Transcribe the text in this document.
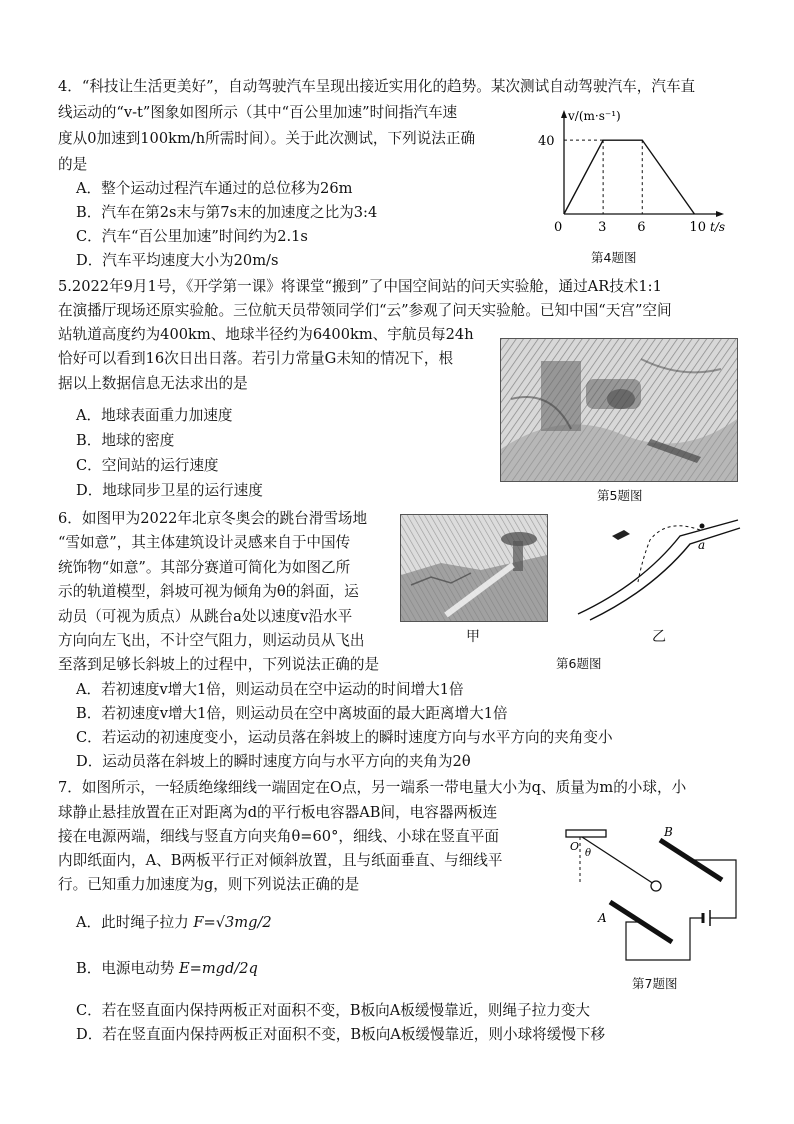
4．“科技让生活更美好”，自动驾驶汽车呈现出接近实用化的趋势。某次测试自动驾驶汽车，汽车直
线运动的“v-t”图象如图所示（其中“百公里加速”时间指汽车速
度从0加速到100km/h所需时间）。关于此次测试，下列说法正确
的是
A．整个运动过程汽车通过的总位移为26m
B．汽车在第2s末与第7s末的加速度之比为3:4
C．汽车“百公里加速”时间约为2.1s
D．汽车平均速度大小为20m/s
0	3 6	10
40
t/s
v/(m·s⁻¹)
第4题图
5.2022年9月1号，《开学第一课》将课堂“搬到”了中国空间站的问天实验舱，通过AR技术1:1
在演播厅现场还原实验舱。三位航天员带领同学们“云”参观了问天实验舱。已知中国“天宫”空间
站轨道高度约为400km、地球半径约为6400km、宇航员每24h
恰好可以看到16次日出日落。若引力常量G未知的情况下，根
据以上数据信息无法求出的是
A．地球表面重力加速度
B．地球的密度
C．空间站的运行速度
D．地球同步卫星的运行速度	第5题图
6．如图甲为2022年北京冬奥会的跳台滑雪场地
“雪如意”，其主体建筑设计灵感来自于中国传
统饰物“如意”。其部分赛道可简化为如图乙所
示的轨道模型，斜坡可视为倾角为θ的斜面，运
动员（可视为质点）从跳台a处以速度v沿水平
方向向左飞出，不计空气阻力，则运动员从飞出
至落到足够长斜坡上的过程中，下列说法正确的是
A．若初速度v增大1倍，则运动员在空中运动的时间增大1倍
B．若初速度v增大1倍，则运动员在空中离坡面的最大距离增大1倍
C．若运动的初速度变小，运动员落在斜坡上的瞬时速度方向与水平方向的夹角变小
D．运动员落在斜坡上的瞬时速度方向与水平方向的夹角为2θ
甲
a
乙
第6题图
7．如图所示，一轻质绝缘细线一端固定在O点，另一端系一带电量大小为q、质量为m的小球，小
球静止悬挂放置在正对距离为d的平行板电容器AB间，电容器两板连
接在电源两端，细线与竖直方向夹角θ=60°，细线、小球在竖直平面
内即纸面内，A、B两板平行正对倾斜放置，且与纸面垂直、与细线平
行。已知重力加速度为g，则下列说法正确的是
A．此时绳子拉力 F=√3mg/2
B．电源电动势 E=mgd/2q
C．若在竖直面内保持两板正对面积不变，B板向A板缓慢靠近，则绳子拉力变大
D．若在竖直面内保持两板正对面积不变，B板向A板缓慢靠近，则小球将缓慢下移
O
θ
B
A
第7题图
